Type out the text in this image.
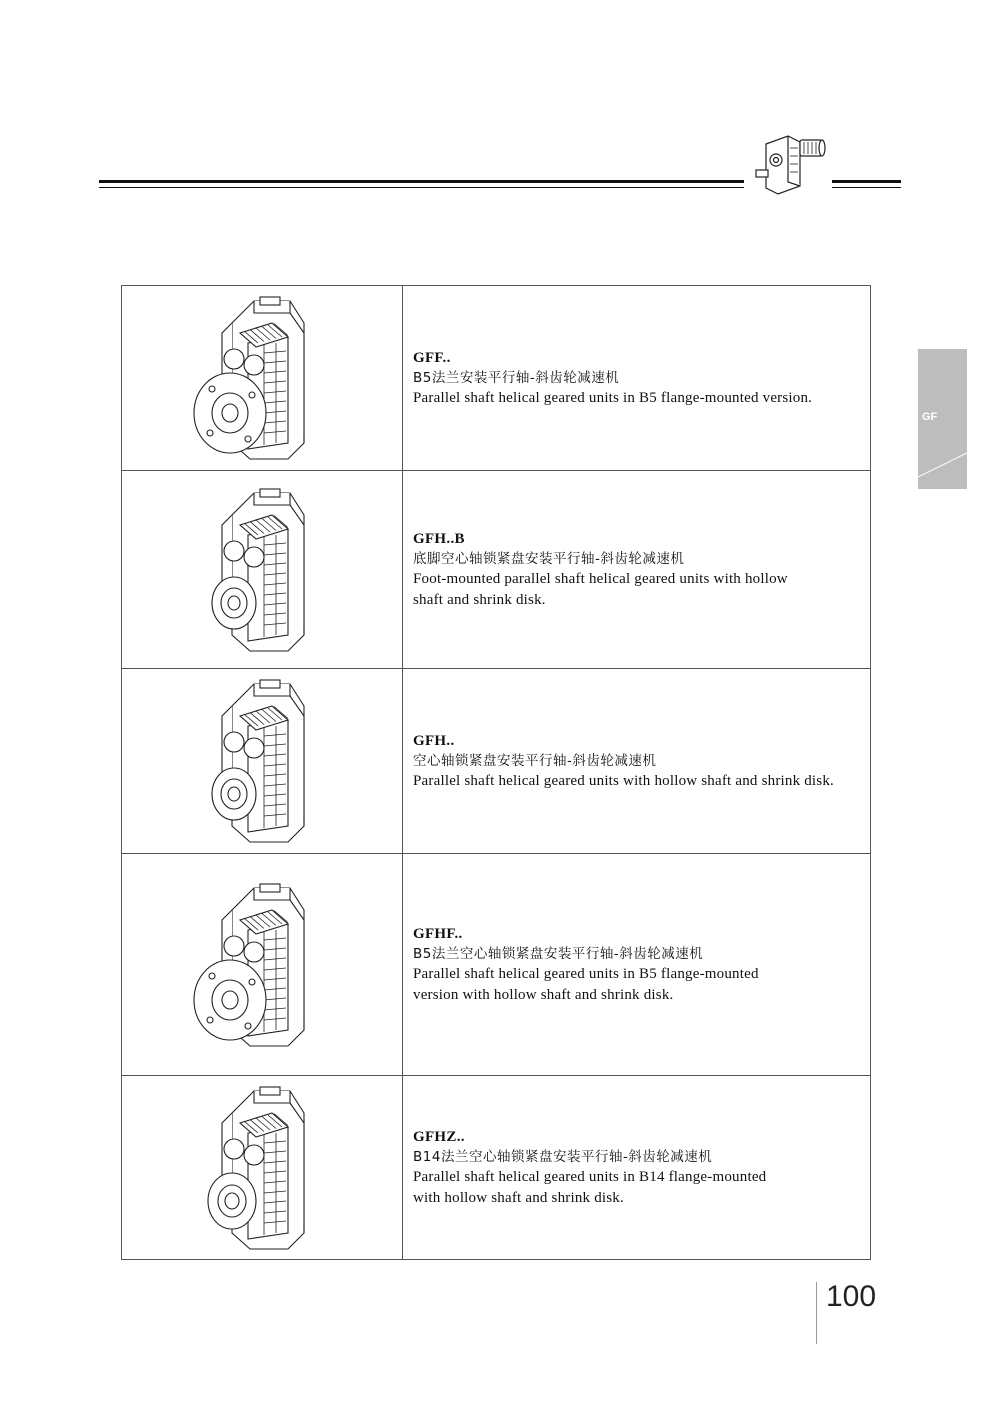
GF

GFF..
B5法兰安装平行轴-斜齿轮减速机
Parallel shaft helical geared units in B5 flange-mounted version.

GFH..B
底脚空心轴锁紧盘安装平行轴-斜齿轮减速机
Foot-mounted parallel shaft helical geared units with hollow
shaft and shrink disk.

GFH..
空心轴锁紧盘安装平行轴-斜齿轮减速机
Parallel shaft helical geared units with hollow shaft and shrink disk.

GFHF..
B5法兰空心轴锁紧盘安装平行轴-斜齿轮减速机
Parallel shaft helical geared units in B5 flange-mounted
version with hollow shaft and shrink disk.

GFHZ..
B14法兰空心轴锁紧盘安装平行轴-斜齿轮减速机
Parallel shaft helical geared units in B14 flange-mounted
with hollow shaft and shrink disk.
100
